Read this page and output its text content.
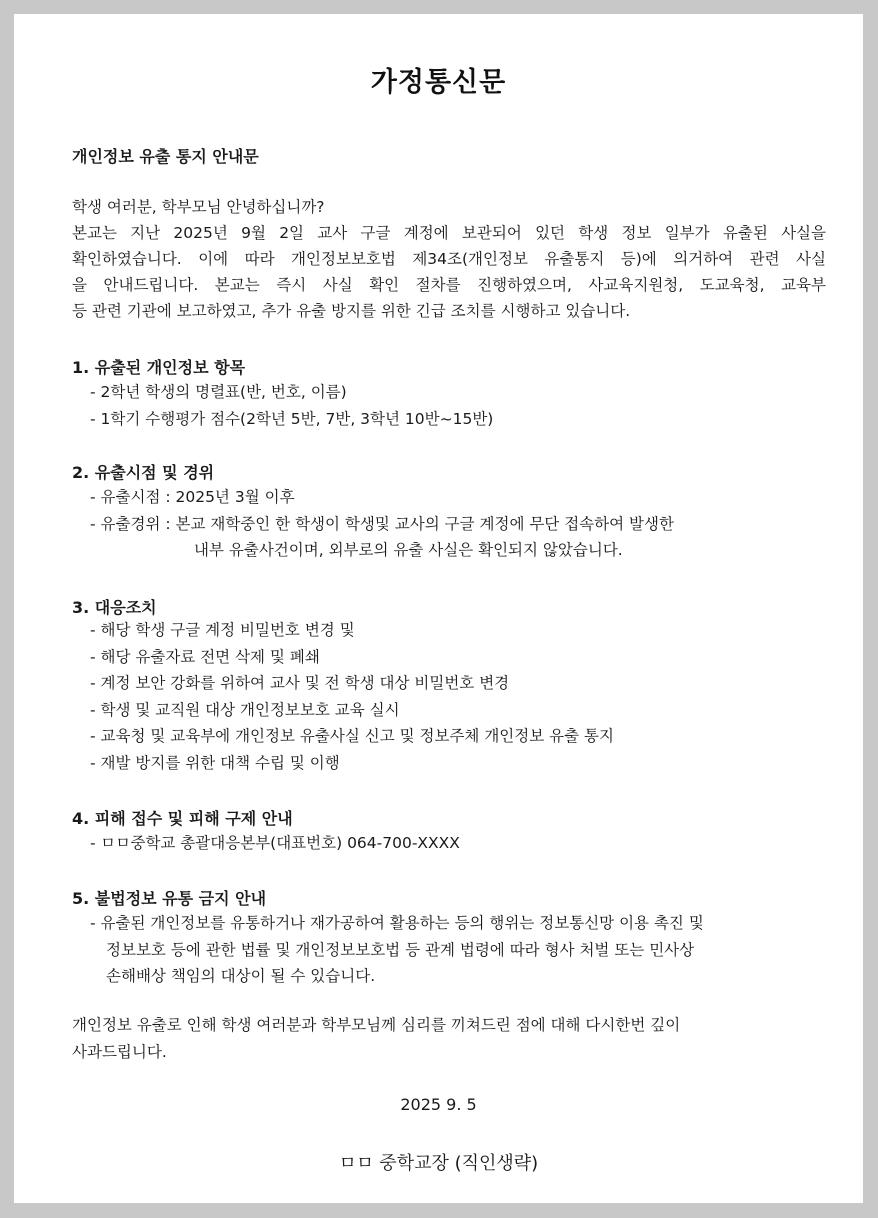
가정통신문
개인정보 유출 통지 안내문
학생 여러분, 학부모님 안녕하십니까?
본교는 지난 2025년 9월 2일 교사 구글 계정에 보관되어 있던 학생 정보 일부가 유출된 사실을
확인하였습니다. 이에 따라 개인정보보호법 제34조(개인정보 유출통지 등)에 의거하여 관련 사실
을 안내드립니다. 본교는 즉시 사실 확인 절차를 진행하였으며, 사교육지원청, 도교육청, 교육부
등 관련 기관에 보고하였고, 추가 유출 방지를 위한 긴급 조치를 시행하고 있습니다.
1. 유출된 개인정보 항목
- 2학년 학생의 명렬표(반, 번호, 이름)
- 1학기 수행평가 점수(2학년 5반, 7반, 3학년 10반~15반)
2. 유출시점 및 경위
- 유출시점 : 2025년 3월 이후
- 유출경위 : 본교 재학중인 한 학생이 학생및 교사의 구글 계정에 무단 접속하여 발생한
내부 유출사건이며, 외부로의 유출 사실은 확인되지 않았습니다.
3. 대응조치
- 해당 학생 구글 계정 비밀번호 변경 및
- 해당 유출자료 전면 삭제 및 폐쇄
- 계정 보안 강화를 위하여 교사 및 전 학생 대상 비밀번호 변경
- 학생 및 교직원 대상 개인정보보호 교육 실시
- 교육청 및 교육부에 개인정보 유출사실 신고 및 정보주체 개인정보 유출 통지
- 재발 방지를 위한 대책 수립 및 이행
4. 피해 접수 및 피해 구제 안내
- ㅁㅁ중학교 총괄대응본부(대표번호) 064-700-XXXX
5. 불법정보 유통 금지 안내
- 유출된 개인정보를 유통하거나 재가공하여 활용하는 등의 행위는 정보통신망 이용 촉진 및
정보보호 등에 관한 법률 및 개인정보보호법 등 관계 법령에 따라 형사 처벌 또는 민사상
손해배상 책임의 대상이 될 수 있습니다.
개인정보 유출로 인해 학생 여러분과 학부모님께 심리를 끼쳐드린 점에 대해 다시한번 깊이
사과드립니다.
2025 9. 5
ㅁㅁ 중학교장 (직인생략)
